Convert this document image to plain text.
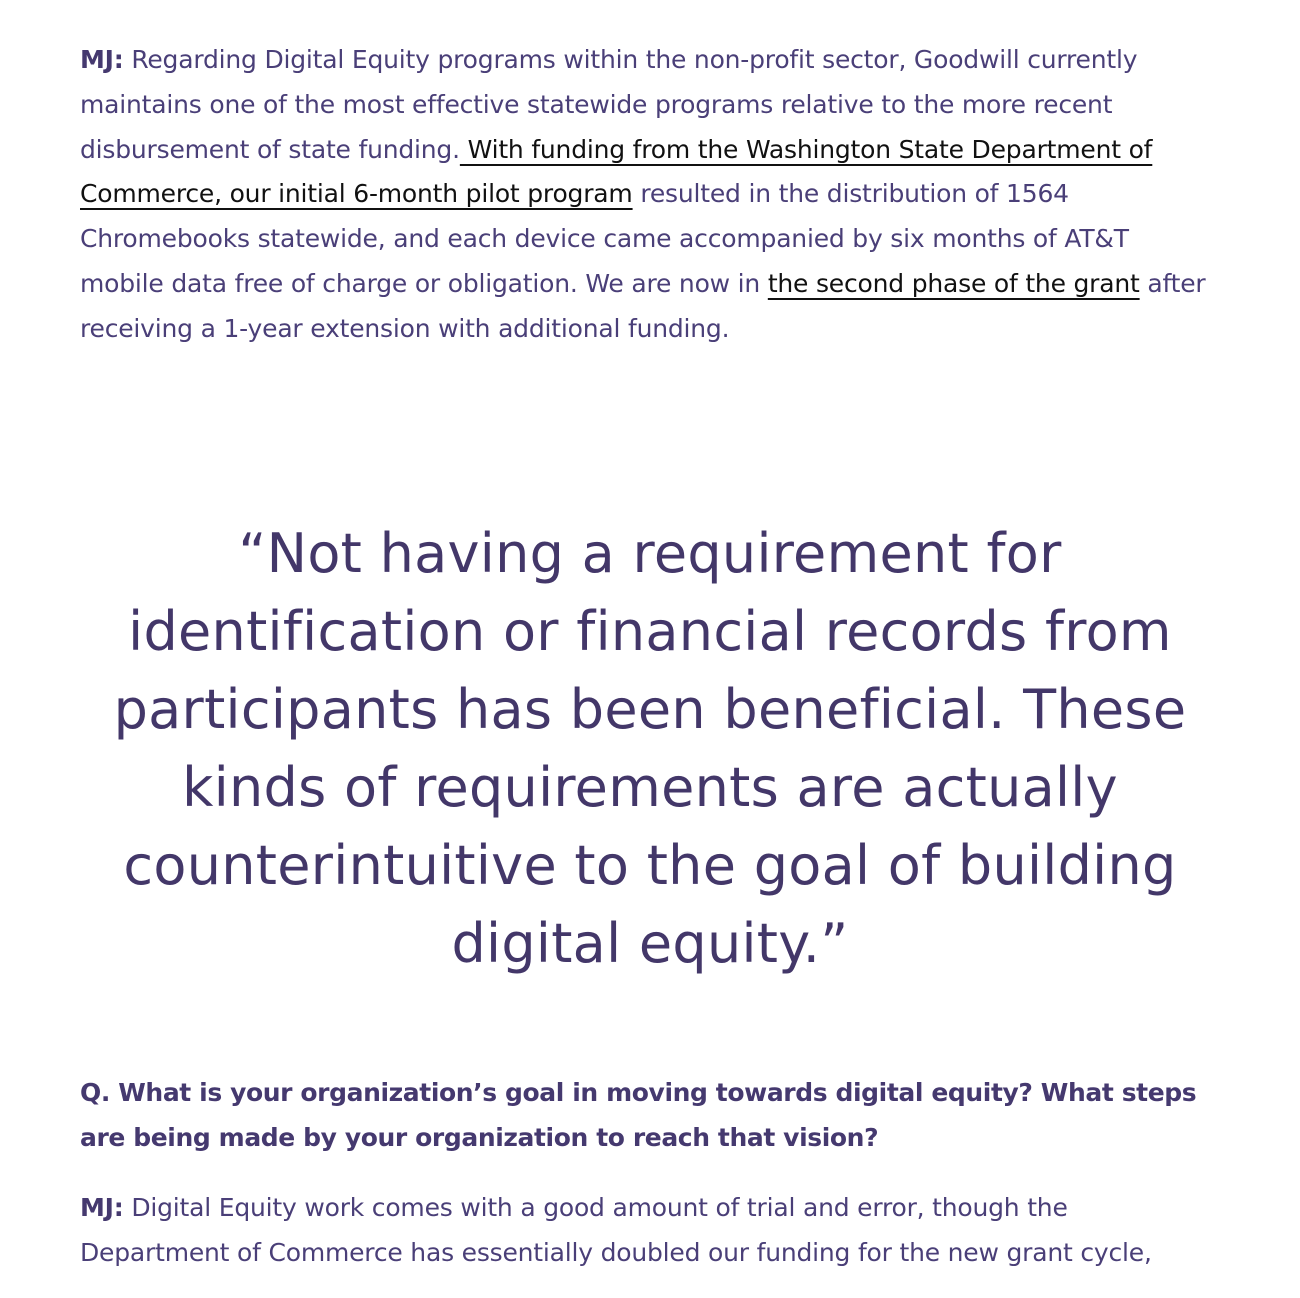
MJ: Regarding Digital Equity programs within the non-profit sector, Goodwill currently maintains one of the most effective statewide programs relative to the more recent disbursement of state funding. With funding from the Washington State Department of Commerce, our initial 6-month pilot program resulted in the distribution of 1564 Chromebooks statewide, and each device came accompanied by six months of AT&T mobile data free of charge or obligation. We are now in the second phase of the grant after receiving a 1-year extension with additional funding.

“Not having a requirement for identification or financial records from participants has been beneficial. These kinds of requirements are actually counterintuitive to the goal of building digital equity.”

Q. What is your organization’s goal in moving towards digital equity? What steps are being made by your organization to reach that vision?

MJ: Digital Equity work comes with a good amount of trial and error, though the Department of Commerce has essentially doubled our funding for the new grant cycle,
